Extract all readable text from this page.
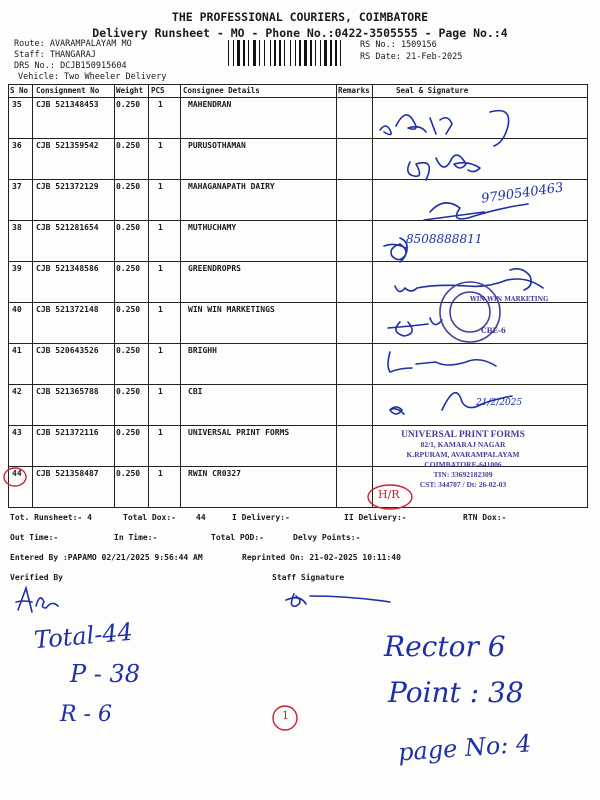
THE PROFESSIONAL COURIERS, COIMBATORE
Delivery Runsheet - MO - Phone No.:0422-3505555 - Page No.:4
Route: AVARAMPALAYAM MO
Staff: THANGARAJ
DRS No.: DCJB150915604
Vehicle: Two Wheeler Delivery
RS No.: 1509156
RS Date: 21-Feb-2025
S No Consignment No Weight PCS Consignee Details	Remarks	Seal & Signature
35 CJB 521348453 0.250 1	MAHENDRAN
36 CJB 521359542 0.250 1	PURUSOTHAMAN
37 CJB 521372129 0.250 1	MAHAGANAPATH DAIRY
38 CJB 521281654 0.250 1	MUTHUCHAMY
39 CJB 521348586 0.250 1	GREENDROPRS
40 CJB 521372148 0.250 1	WIN WIN MARKETINGS
41 CJB 520643526 0.250 1	BRIGHH
42 CJB 521365788 0.250 1	CBI
43 CJB 521372116 0.250 1	UNIVERSAL PRINT FORMS
44 CJB 521358487 0.250 1	RWIN CR0327
9790540463
8508888811
WIN WIN MARKETING
CBE-6
21/2/2025
H/R
UNIVERSAL PRINT FORMS
82/1, KAMARAJ NAGAR
K.RPURAM, AVARAMPALAYAM
COIMBATORE-641006
TIN: 33692182309
CST: 344707 / Dt: 26-02-03
Tot. Runsheet:- 4	Total Dox:-	44	I Delivery:-	II Delivery:-	RTN Dox:-
Out Time:-	In Time:-	Total POD:-	Delvy Points:-
Entered By :PAPAMO 02/21/2025 9:56:44 AM	Reprinted On: 21-02-2025 10:11:40
Verified By	Staff Signature
Total-44
P - 38
R - 6	1
Rector 6
Point : 38
page No: 4
